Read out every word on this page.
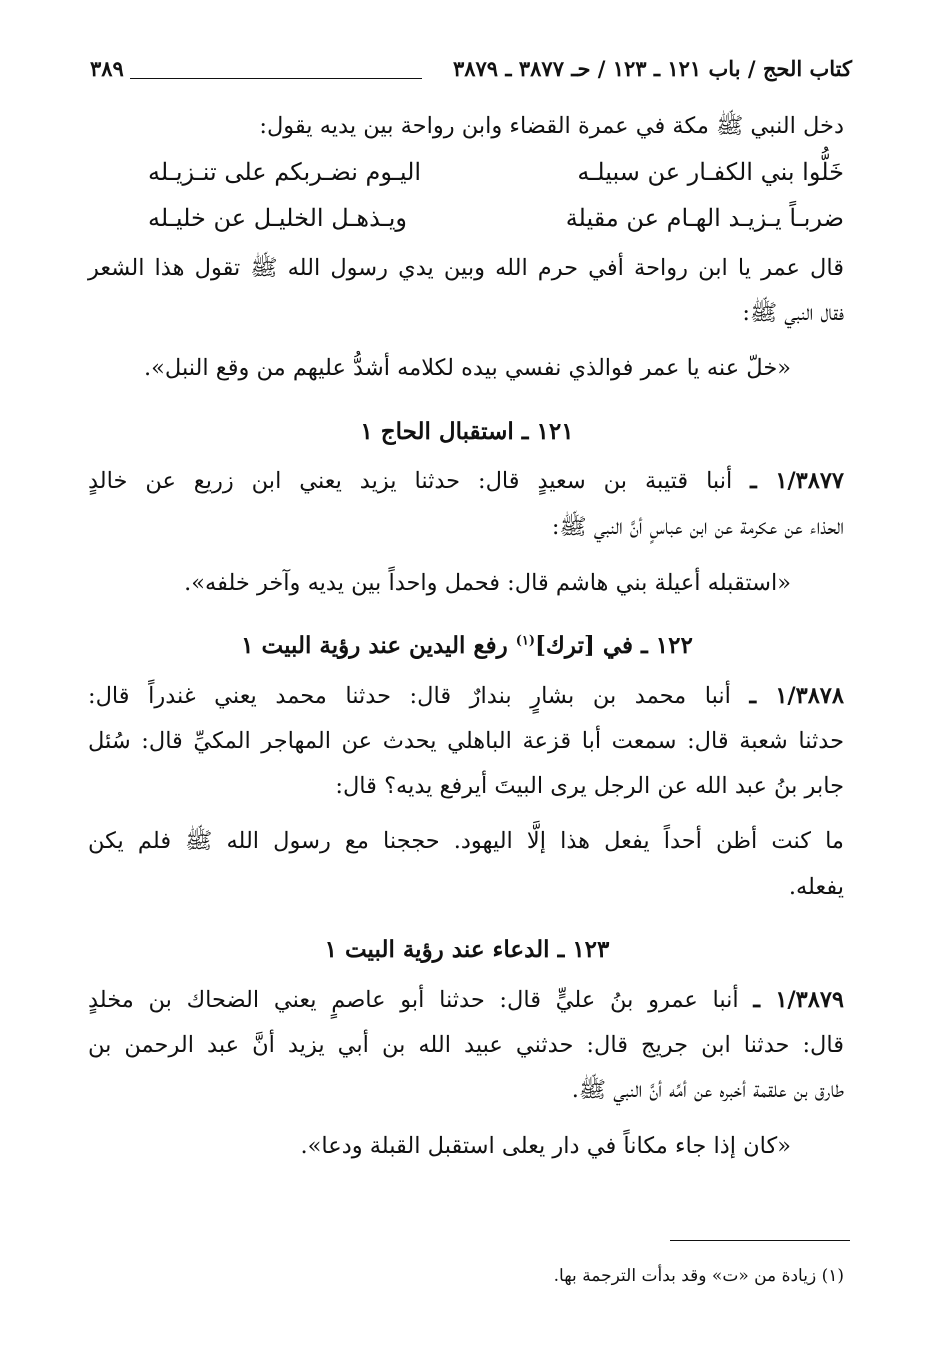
كتاب الحج / باب ١٢١ ـ ١٢٣ / حـ ٣٨٧٧ ـ ٣٨٧٩
٣٨٩
دخل النبي ﷺ مكة في عمرة القضاء وابن رواحة بين يديه يقول:
خَلُّوا بني الكفـار عن سبيلـه
اليـوم نضـربكم على تنـزيـله
ضربـاً يـزيـد الهـام عن مقيلة
ويـذهـل الخليـل عن خليـله
قال عمر يا ابن رواحة أفي حرم الله وبين يدي رسول الله ﷺ تقول هذا الشعر
فقال النبي ﷺ:
«خلّ عنه يا عمر فوالذي نفسي بيده لكلامه أشدُّ عليهم من وقع النبل».
١٢١ ـ استقبال الحاج ١
١/٣٨٧٧ ـ أنبا قتيبة بن سعيدٍ قال: حدثنا يزيد يعني ابن زريع عن خالدٍ
الحذاء عن عكرمة عن ابن عباسٍ أنَّ النبي ﷺ:
«استقبله أعيلة بني هاشم قال: فحمل واحداً بين يديه وآخر خلفه».
١٢٢ ـ في [ترك]$^{(١)}$ رفع اليدين عند رؤية البيت ١
١/٣٨٧٨ ـ أنبا محمد بن بشارٍ بندارٌ قال: حدثنا محمد يعني غندراً قال:
حدثنا شعبة قال: سمعت أبا قزعة الباهلي يحدث عن المهاجر المكيِّ قال: سُئل
جابر بنُ عبد الله عن الرجل يرى البيتَ أيرفع يديه؟ قال:
ما كنت أظن أحداً يفعل هذا إلَّا اليهود. حججنا مع رسول الله ﷺ فلم يكن
يفعله.
١٢٣ ـ الدعاء عند رؤية البيت ١
١/٣٨٧٩ ـ أنبا عمرو بنُ عليٍّ قال: حدثنا أبو عاصمٍ يعني الضحاك بن مخلدٍ
قال: حدثنا ابن جريج قال: حدثني عبيد الله بن أبي يزيد أنَّ عبد الرحمن بن
طارق بن علقمة أخبره عن أمِّه أنَّ النبي ﷺ.
«كان إذا جاء مكاناً في دار يعلى استقبل القبلة ودعا».
(١) زيادة من «ت» وقد بدأت الترجمة بها.
